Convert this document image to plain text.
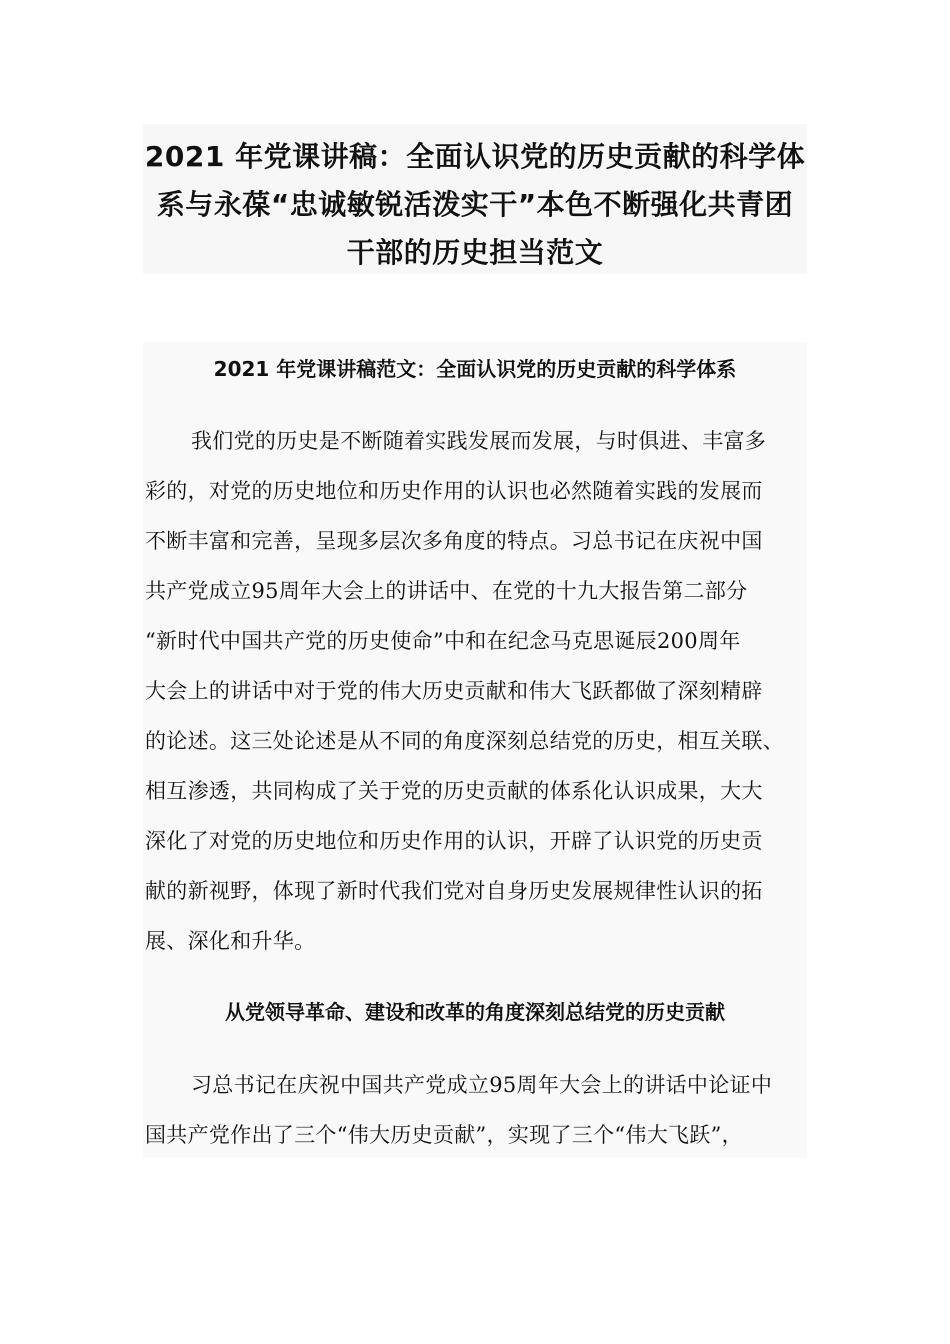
2021 年党课讲稿：全面认识党的历史贡献的科学体
系与永葆“忠诚敏锐活泼实干”本色不断强化共青团
干部的历史担当范文
2021 年党课讲稿范文：全面认识党的历史贡献的科学体系
我们党的历史是不断随着实践发展而发展，与时俱进、丰富多
彩的，对党的历史地位和历史作用的认识也必然随着实践的发展而
不断丰富和完善，呈现多层次多角度的特点。习总书记在庆祝中国
共产党成立95周年大会上的讲话中、在党的十九大报告第二部分
“新时代中国共产党的历史使命”中和在纪念马克思诞辰200周年
大会上的讲话中对于党的伟大历史贡献和伟大飞跃都做了深刻精辟
的论述。这三处论述是从不同的角度深刻总结党的历史，相互关联、
相互渗透，共同构成了关于党的历史贡献的体系化认识成果，大大
深化了对党的历史地位和历史作用的认识，开辟了认识党的历史贡
献的新视野，体现了新时代我们党对自身历史发展规律性认识的拓
展、深化和升华。
从党领导革命、建设和改革的角度深刻总结党的历史贡献
习总书记在庆祝中国共产党成立95周年大会上的讲话中论证中
国共产党作出了三个“伟大历史贡献”，实现了三个“伟大飞跃”，
